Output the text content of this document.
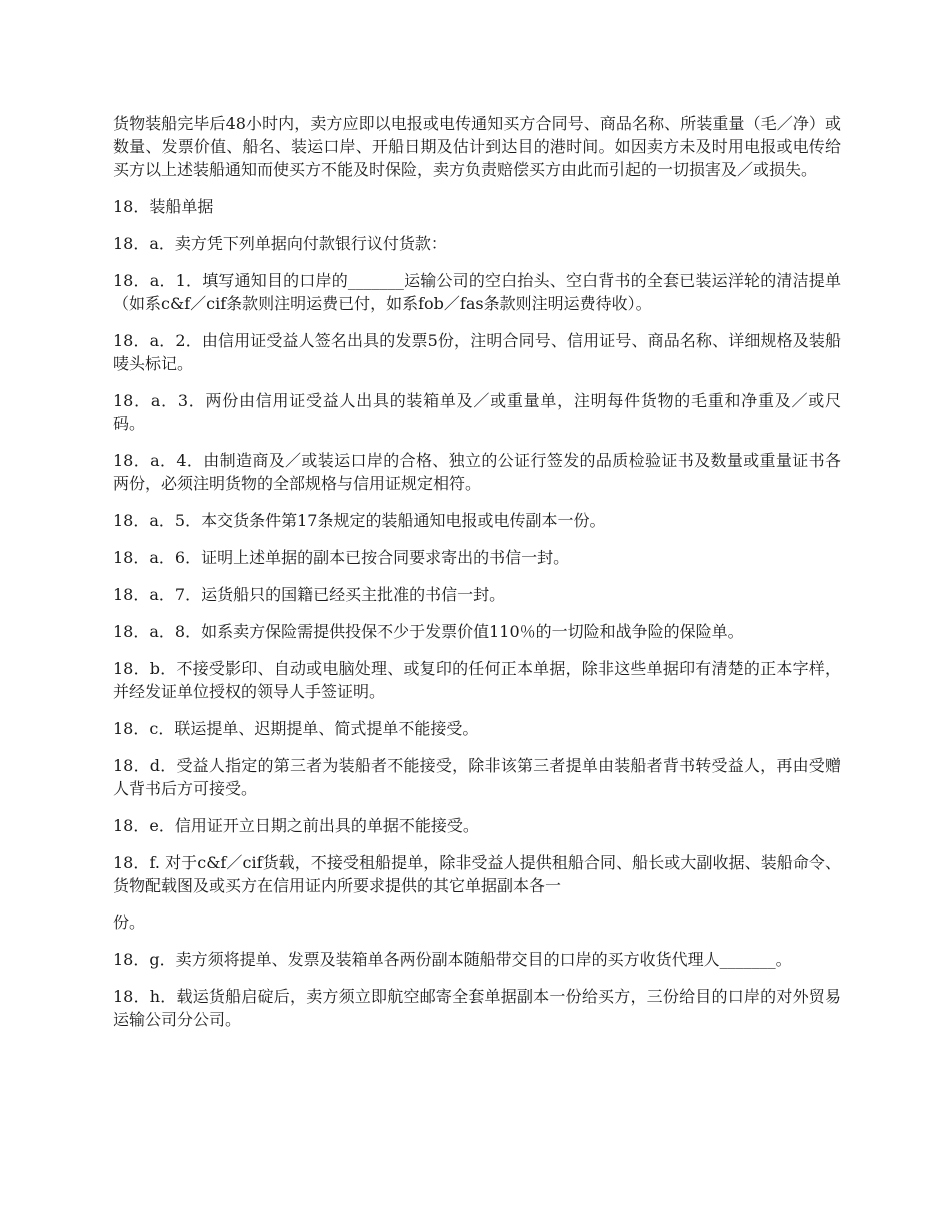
货物装船完毕后48小时内，卖方应即以电报或电传通知买方合同号、商品名称、所装重量（毛／净）或数量、发票价值、船名、装运口岸、开船日期及估计到达目的港时间。如因卖方未及时用电报或电传给买方以上述装船通知而使买方不能及时保险，卖方负责赔偿买方由此而引起的一切损害及／或损失。

18．装船单据

18．a．卖方凭下列单据向付款银行议付货款：

18．a．1．填写通知目的口岸的_______运输公司的空白抬头、空白背书的全套已装运洋轮的清洁提单（如系c&f／cif条款则注明运费已付，如系fob／fas条款则注明运费待收）。

18．a．2．由信用证受益人签名出具的发票5份，注明合同号、信用证号、商品名称、详细规格及装船唛头标记。

18．a．3．两份由信用证受益人出具的装箱单及／或重量单，注明每件货物的毛重和净重及／或尺码。

18．a．4．由制造商及／或装运口岸的合格、独立的公证行签发的品质检验证书及数量或重量证书各两份，必须注明货物的全部规格与信用证规定相符。

18．a．5．本交货条件第17条规定的装船通知电报或电传副本一份。

18．a．6．证明上述单据的副本已按合同要求寄出的书信一封。

18．a．7．运货船只的国籍已经买主批准的书信一封。

18．a．8．如系卖方保险需提供投保不少于发票价值110％的一切险和战争险的保险单。

18．b．不接受影印、自动或电脑处理、或复印的任何正本单据，除非这些单据印有清楚的正本字样，并经发证单位授权的领导人手签证明。

18．c．联运提单、迟期提单、简式提单不能接受。

18．d．受益人指定的第三者为装船者不能接受，除非该第三者提单由装船者背书转受益人，再由受赠人背书后方可接受。

18．e．信用证开立日期之前出具的单据不能接受。

18．f. 对于c&f／cif货载，不接受租船提单，除非受益人提供租船合同、船长或大副收据、装船命令、货物配载图及或买方在信用证内所要求提供的其它单据副本各一

份。

18．g．卖方须将提单、发票及装箱单各两份副本随船带交目的口岸的买方收货代理人_______。

18．h．载运货船启碇后，卖方须立即航空邮寄全套单据副本一份给买方，三份给目的口岸的对外贸易运输公司分公司。
